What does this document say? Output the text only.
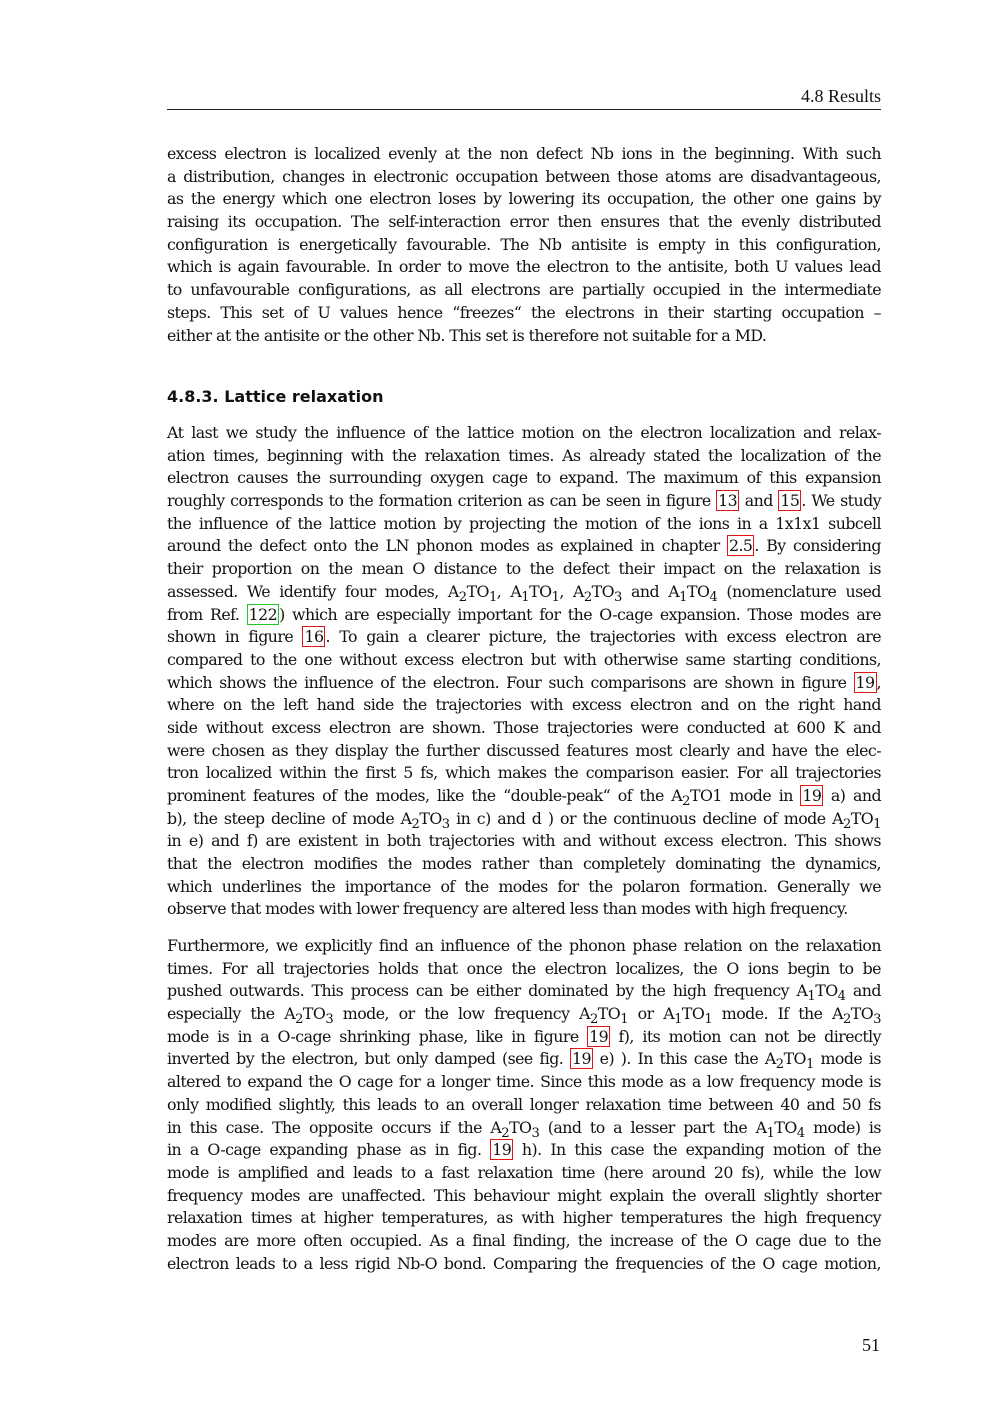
4.8 Results
excess electron is localized evenly at the non defect Nb ions in the beginning. With such
a distribution, changes in electronic occupation between those atoms are disadvantageous,
as the energy which one electron loses by lowering its occupation, the other one gains by
raising its occupation. The self-interaction error then ensures that the evenly distributed
configuration is energetically favourable. The Nb antisite is empty in this configuration,
which is again favourable. In order to move the electron to the antisite, both U values lead
to unfavourable configurations, as all electrons are partially occupied in the intermediate
steps. This set of U values hence “freezes“ the electrons in their starting occupation –
either at the antisite or the other Nb. This set is therefore not suitable for a MD.
4.8.3. Lattice relaxation
At last we study the influence of the lattice motion on the electron localization and relax-
ation times, beginning with the relaxation times. As already stated the localization of the
electron causes the surrounding oxygen cage to expand. The maximum of this expansion
roughly corresponds to the formation criterion as can be seen in figure 13 and 15 . We study
the influence of the lattice motion by projecting the motion of the ions in a 1x1x1 subcell
around the defect onto the LN phonon modes as explained in chapter 2.5 . By considering
their proportion on the mean O distance to the defect their impact on the relaxation is
assessed. We identify four modes, $A_2TO_1$, $A_1TO_1$, $A_2TO_3$ and $A_1TO_4$ (nomenclature used
from Ref. 122 ) which are especially important for the O-cage expansion. Those modes are
shown in figure 16 . To gain a clearer picture, the trajectories with excess electron are
compared to the one without excess electron but with otherwise same starting conditions,
which shows the influence of the electron. Four such comparisons are shown in figure 19 ,
where on the left hand side the trajectories with excess electron and on the right hand
side without excess electron are shown. Those trajectories were conducted at 600 K and
were chosen as they display the further discussed features most clearly and have the elec-
tron localized within the first 5 fs, which makes the comparison easier. For all trajectories
prominent features of the modes, like the “double-peak“ of the $A_2TO1$ mode in 19 a) and
b), the steep decline of mode $A_2TO_3$ in c) and d ) or the continuous decline of mode $A_2TO_1$
in e) and f) are existent in both trajectories with and without excess electron. This shows
that the electron modifies the modes rather than completely dominating the dynamics,
which underlines the importance of the modes for the polaron formation. Generally we
observe that modes with lower frequency are altered less than modes with high frequency.
Furthermore, we explicitly find an influence of the phonon phase relation on the relaxation
times. For all trajectories holds that once the electron localizes, the O ions begin to be
pushed outwards. This process can be either dominated by the high frequency $A_1TO_4$ and
especially the $A_2TO_3$ mode, or the low frequency $A_2TO_1$ or $A_1TO_1$ mode. If the $A_2TO_3$
mode is in a O-cage shrinking phase, like in figure 19 f), its motion can not be directly
inverted by the electron, but only damped (see fig. 19 e) ). In this case the $A_2TO_1$ mode is
altered to expand the O cage for a longer time. Since this mode as a low frequency mode is
only modified slightly, this leads to an overall longer relaxation time between 40 and 50 fs
in this case. The opposite occurs if the $A_2TO_3$ (and to a lesser part the $A_1TO_4$ mode) is
in a O-cage expanding phase as in fig. 19 h). In this case the expanding motion of the
mode is amplified and leads to a fast relaxation time (here around 20 fs), while the low
frequency modes are unaffected. This behaviour might explain the overall slightly shorter
relaxation times at higher temperatures, as with higher temperatures the high frequency
modes are more often occupied. As a final finding, the increase of the O cage due to the
electron leads to a less rigid Nb-O bond. Comparing the frequencies of the O cage motion,
51
